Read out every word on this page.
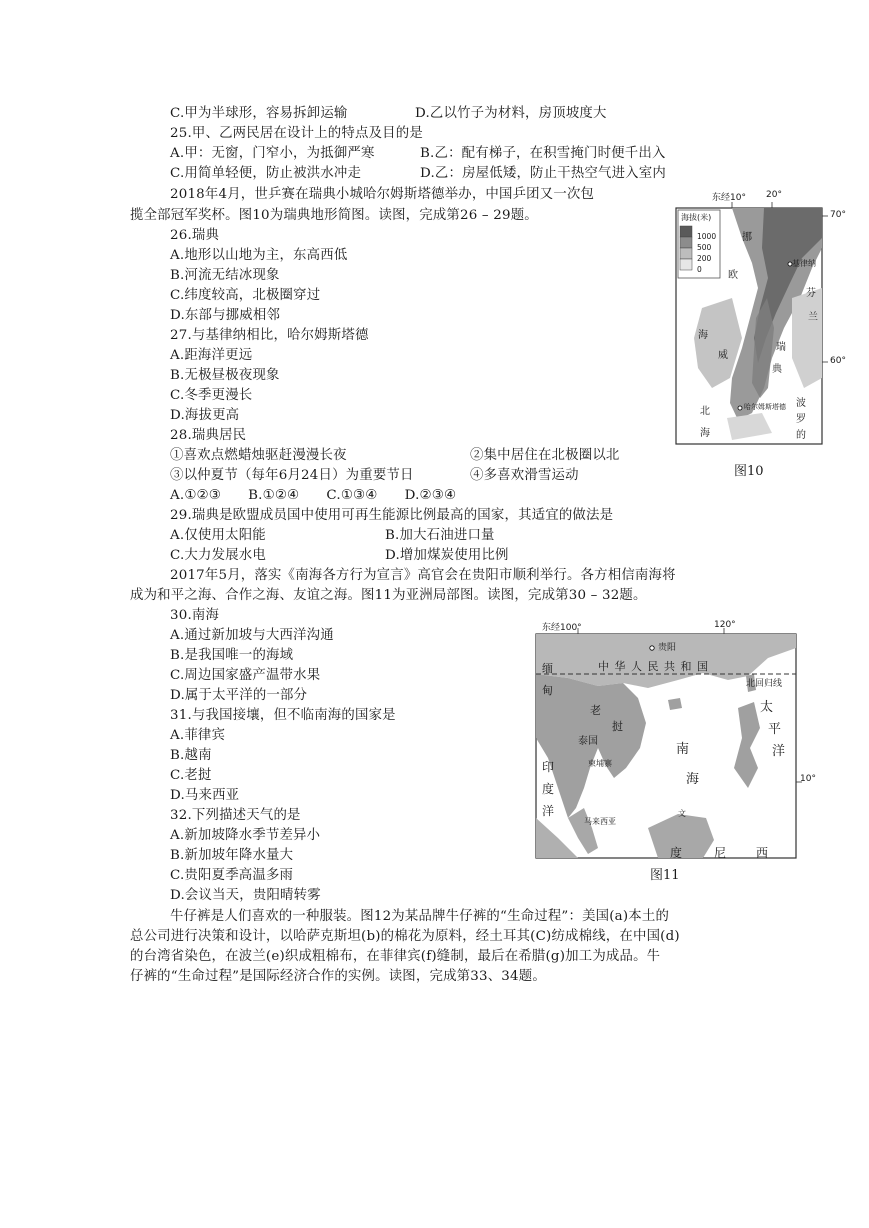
C.甲为半球形，容易拆卸运输	D.乙以竹子为材料，房顶坡度大
25.甲、乙两民居在设计上的特点及目的是
A.甲：无窗，门窄小，为抵御严寒	B.乙：配有梯子，在积雪掩门时便千出入
C.用简单轻便，防止被洪水冲走	D.乙：房屋低矮，防止干热空气进入室内
2018年4月，世乒赛在瑞典小城哈尔姆斯塔德举办，中国乒团又一次包
揽全部冠军奖杯。图10为瑞典地形简图。读图，完成第26 – 29题。
26.瑞典
A.地形以山地为主，东高西低
B.河流无结冰现象
C.纬度较高，北极圈穿过
D.东部与挪威相邻
27.与基律纳相比，哈尔姆斯塔德
A.距海洋更远
B.无极昼极夜现象
C.冬季更漫长
D.海拔更高
28.瑞典居民
①喜欢点燃蜡烛驱赶漫漫长夜	②集中居住在北极圈以北
③以仲夏节（每年6月24日）为重要节日	④多喜欢滑雪运动
A.①②③　　B.①②④　　C.①③④　　D.②③④
29.瑞典是欧盟成员国中使用可再生能源比例最高的国家，其适宜的做法是
A.仅使用太阳能	B.加大石油进口量
C.大力发展水电	D.增加煤炭使用比例
2017年5月，落实《南海各方行为宣言》高官会在贵阳市顺利举行。各方相信南海将
成为和平之海、合作之海、友谊之海。图11为亚洲局部图。读图，完成第30 – 32题。
30.南海
A.通过新加坡与大西洋沟通
B.是我国唯一的海域
C.周边国家盛产温带水果
D.属于太平洋的一部分
31.与我国接壤，但不临南海的国家是
A.菲律宾
B.越南
C.老挝
D.马来西亚
32.下列描述天气的是
A.新加坡降水季节差异小
B.新加坡年降水量大
C.贵阳夏季高温多雨
D.会议当天，贵阳晴转雾
牛仔裤是人们喜欢的一种服装。图12为某品牌牛仔裤的“生命过程”：美国(a)本土的
总公司进行决策和设计，以哈萨克斯坦(b)的棉花为原料，经土耳其(C)纺成棉线，在中国(d)
的台湾省染色，在波兰(e)织成粗棉布，在菲律宾(f)缝制，最后在希腊(g)加工为成品。牛
仔裤的“生命过程”是国际经济合作的实例。读图，完成第33、34题。
东经10° 20°
70°
60°
海拔(米)
1000
500
200
0
挪
欧
海
威
基律纳
芬
兰
瑞
典
哈尔姆斯塔德 波
罗
的
北
海
图10
东经100°	120°
10°
北回归线
贵阳
中 华 人 民 共 和 国
缅
甸
老
挝
泰国
柬埔寨
南
海
太
平
洋
印
度
洋
马来西亚
文
度	尼 西
图11
